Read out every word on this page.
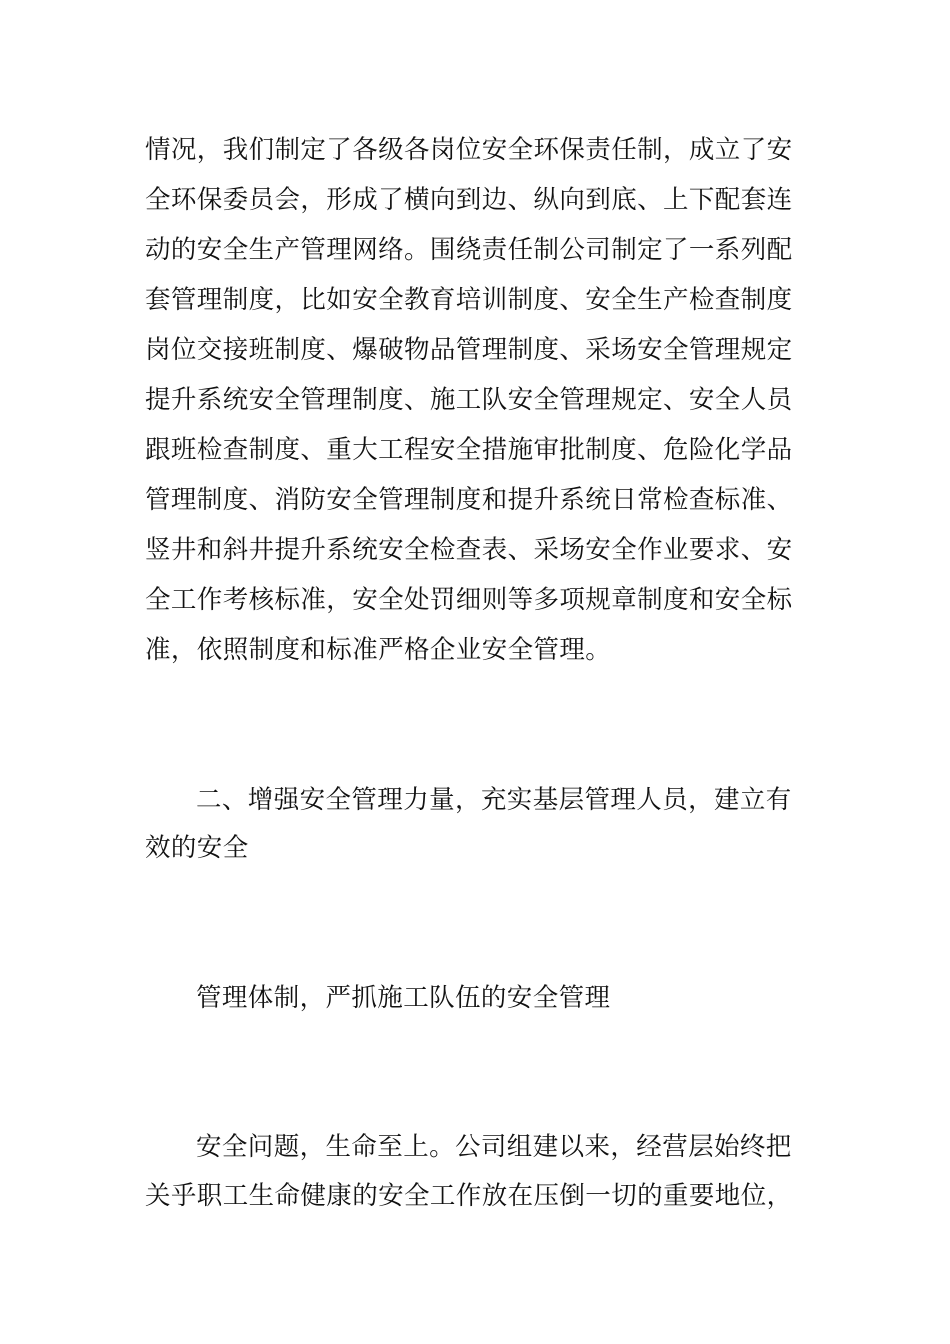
情况，我们制定了各级各岗位安全环保责任制，成立了安
全环保委员会，形成了横向到边、纵向到底、上下配套连
动的安全生产管理网络。围绕责任制公司制定了一系列配
套管理制度，比如安全教育培训制度、安全生产检查制度
岗位交接班制度、爆破物品管理制度、采场安全管理规定
提升系统安全管理制度、施工队安全管理规定、安全人员
跟班检查制度、重大工程安全措施审批制度、危险化学品
管理制度、消防安全管理制度和提升系统日常检查标准、
竖井和斜井提升系统安全检查表、采场安全作业要求、安
全工作考核标准，安全处罚细则等多项规章制度和安全标
准，依照制度和标准严格企业安全管理。
二、增强安全管理力量，充实基层管理人员，建立有
效的安全
管理体制，严抓施工队伍的安全管理
安全问题，生命至上。公司组建以来，经营层始终把
关乎职工生命健康的安全工作放在压倒一切的重要地位，
